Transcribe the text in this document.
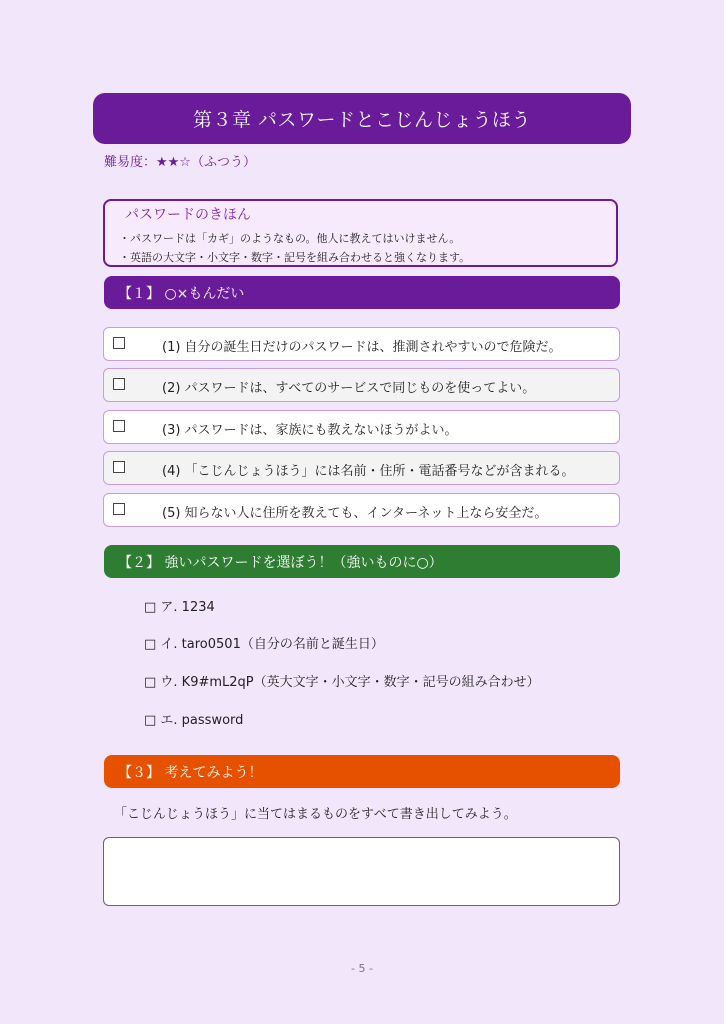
第３章 パスワードとこじんじょうほう
難易度：★★☆（ふつう）
パスワードのきほん
・パスワードは「カギ」のようなもの。他人に教えてはいけません。
・英語の大文字・小文字・数字・記号を組み合わせると強くなります。
【１】 ○×もんだい
(1) 自分の誕生日だけのパスワードは、推測されやすいので危険だ。
(2) パスワードは、すべてのサービスで同じものを使ってよい。
(3) パスワードは、家族にも教えないほうがよい。
(4) 「こじんじょうほう」には名前・住所・電話番号などが含まれる。
(5) 知らない人に住所を教えても、インターネット上なら安全だ。
【２】 強いパスワードを選ぼう！（強いものに○）
□ ア. 1234
□ イ. taro0501（自分の名前と誕生日）
□ ウ. K9#mL2qP（英大文字・小文字・数字・記号の組み合わせ）
□ エ. password
【３】 考えてみよう！
「こじんじょうほう」に当てはまるものをすべて書き出してみよう。
- 5 -
